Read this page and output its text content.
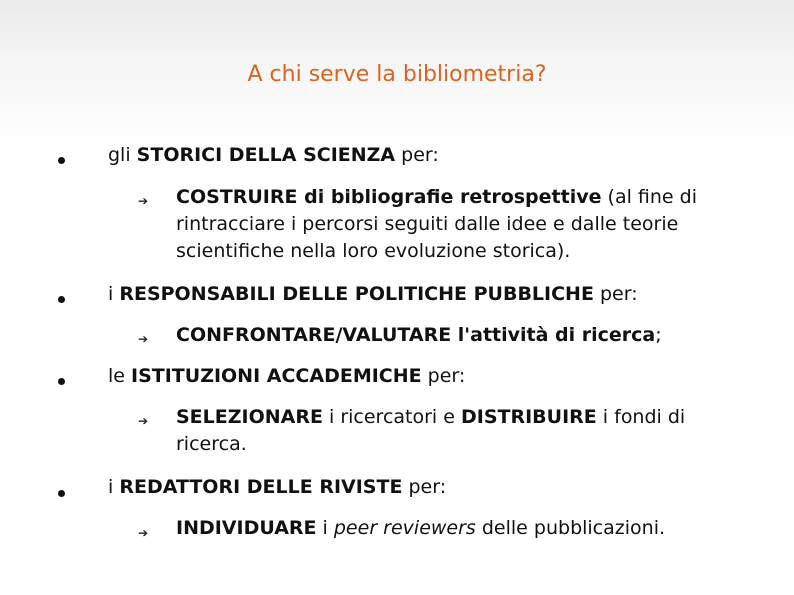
A chi serve la bibliometria?
gli STORICI DELLA SCIENZA per:
➔ COSTRUIRE di bibliografie retrospettive (al fine di rintracciare i percorsi seguiti dalle idee e dalle teorie scientifiche nella loro evoluzione storica).
i RESPONSABILI DELLE POLITICHE PUBBLICHE per:
➔ CONFRONTARE/VALUTARE l'attività di ricerca;
le ISTITUZIONI ACCADEMICHE per:
➔ SELEZIONARE i ricercatori e DISTRIBUIRE i fondi di ricerca.
i REDATTORI DELLE RIVISTE per:
➔ INDIVIDUARE i peer reviewers delle pubblicazioni.
